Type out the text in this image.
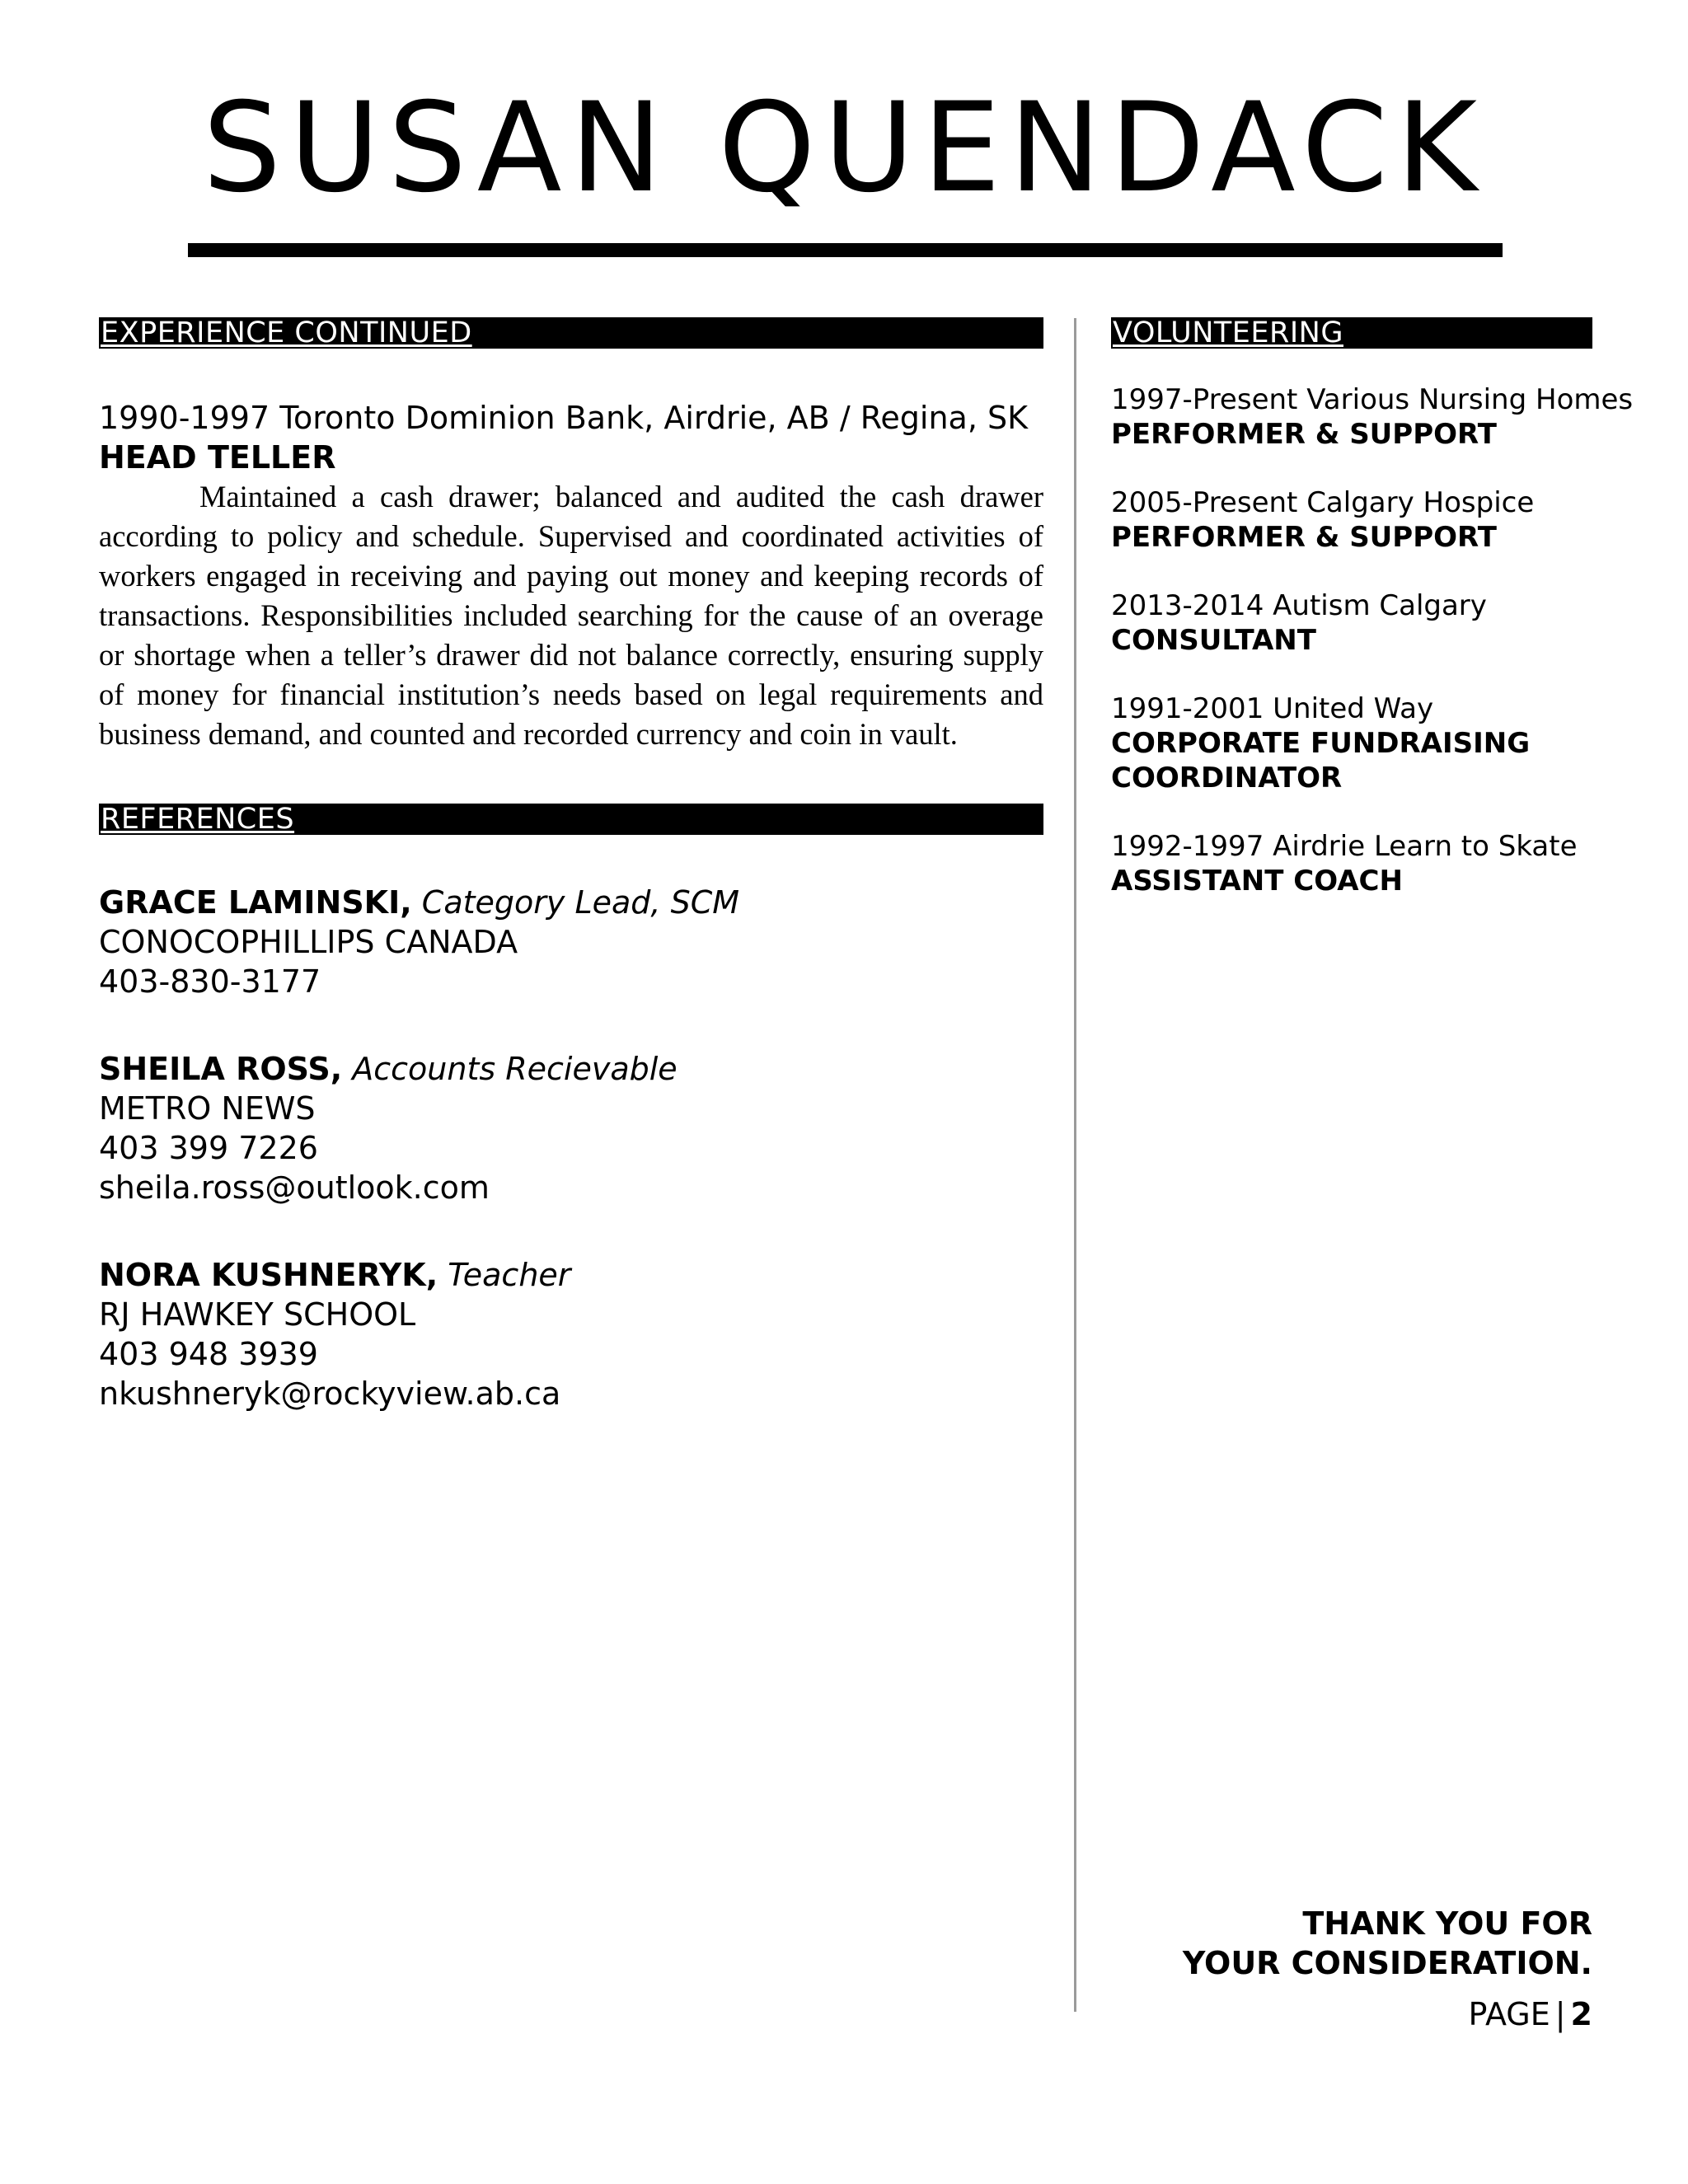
SUSAN QUENDACK
EXPERIENCE CONTINUED
1990-1997 Toronto Dominion Bank, Airdrie, AB / Regina, SK
HEAD TELLER

Maintained a cash drawer; balanced and audited the cash drawer according to policy and schedule. Supervised and coordinated activities of workers engaged in receiving and paying out money and keeping records of transactions. Responsibilities included searching for the cause of an overage or shortage when a teller’s drawer did not balance correctly, ensuring supply of money for financial institution’s needs based on legal requirements and business demand, and counted and recorded currency and coin in vault.

REFERENCES
GRACE LAMINSKI, Category Lead, SCM
CONOCOPHILLIPS CANADA
403-830-3177
SHEILA ROSS, Accounts Recievable
METRO NEWS
403 399 7226
sheila.ross@outlook.com
NORA KUSHNERYK, Teacher
RJ HAWKEY SCHOOL
403 948 3939
nkushneryk@rockyview.ab.ca
VOLUNTEERING
1997-Present Various Nursing Homes
PERFORMER & SUPPORT
2005-Present Calgary Hospice
PERFORMER & SUPPORT
2013-2014 Autism Calgary
CONSULTANT
1991-2001 United Way
CORPORATE FUNDRAISING COORDINATOR
1992-1997 Airdrie Learn to Skate
ASSISTANT COACH
THANK YOU FOR
YOUR CONSIDERATION.
PAGE | 2
